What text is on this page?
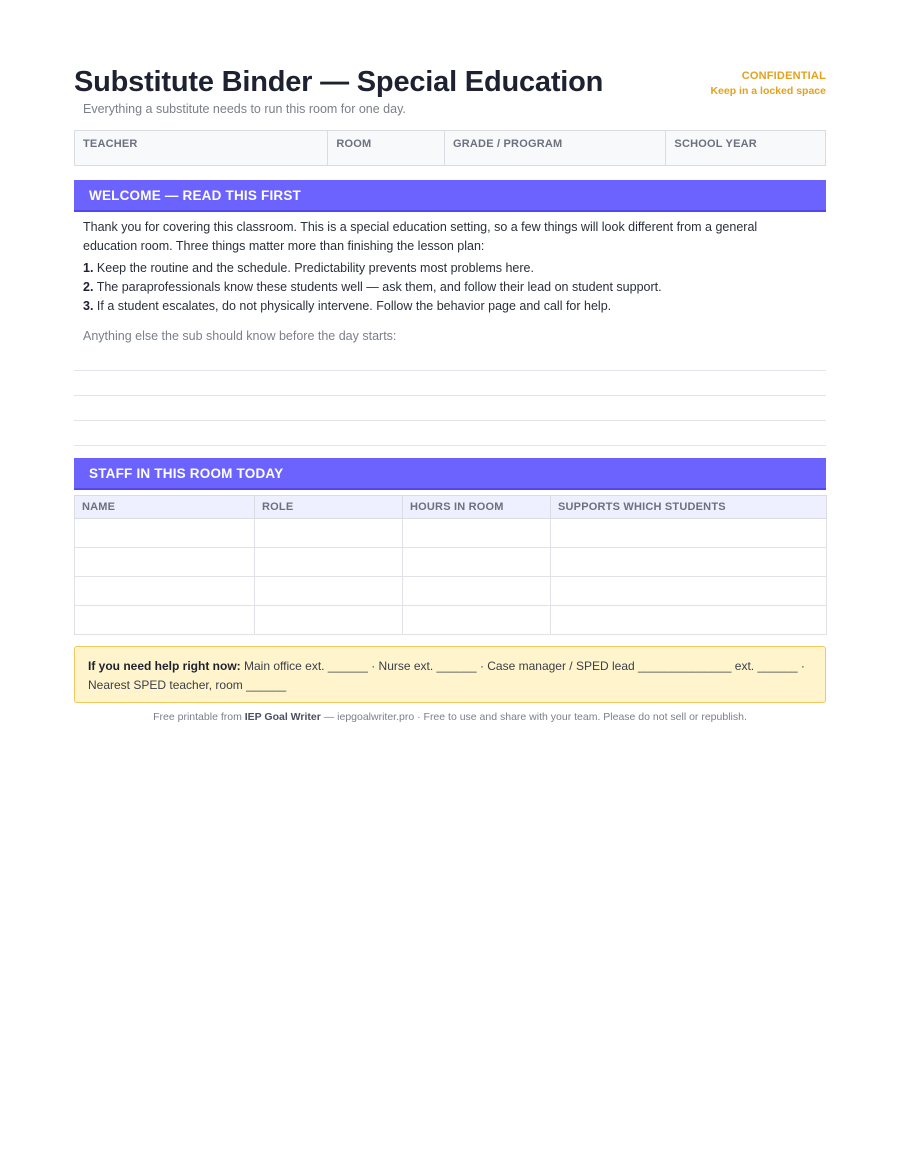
Substitute Binder — Special Education
Everything a substitute needs to run this room for one day.
CONFIDENTIAL
Keep in a locked space
TEACHER	ROOM	GRADE / PROGRAM	SCHOOL YEAR
WELCOME — READ THIS FIRST

Thank you for covering this classroom. This is a special education setting, so a few things will look different from a general education room. Three things matter more than finishing the lesson plan:

1. Keep the routine and the schedule. Predictability prevents most problems here.

2. The paraprofessionals know these students well — ask them, and follow their lead on student support.

3. If a student escalates, do not physically intervene. Follow the behavior page and call for help.

Anything else the sub should know before the day starts:
STAFF IN THIS ROOM TODAY
NAME	ROLE	HOURS IN ROOM	SUPPORTS WHICH STUDENTS

If you need help right now: Main office ext. ______ · Nurse ext. ______ · Case manager / SPED lead ______________ ext. ______ · Nearest SPED teacher, room ______
Free printable from IEP Goal Writer — iepgoalwriter.pro · Free to use and share with your team. Please do not sell or republish.
